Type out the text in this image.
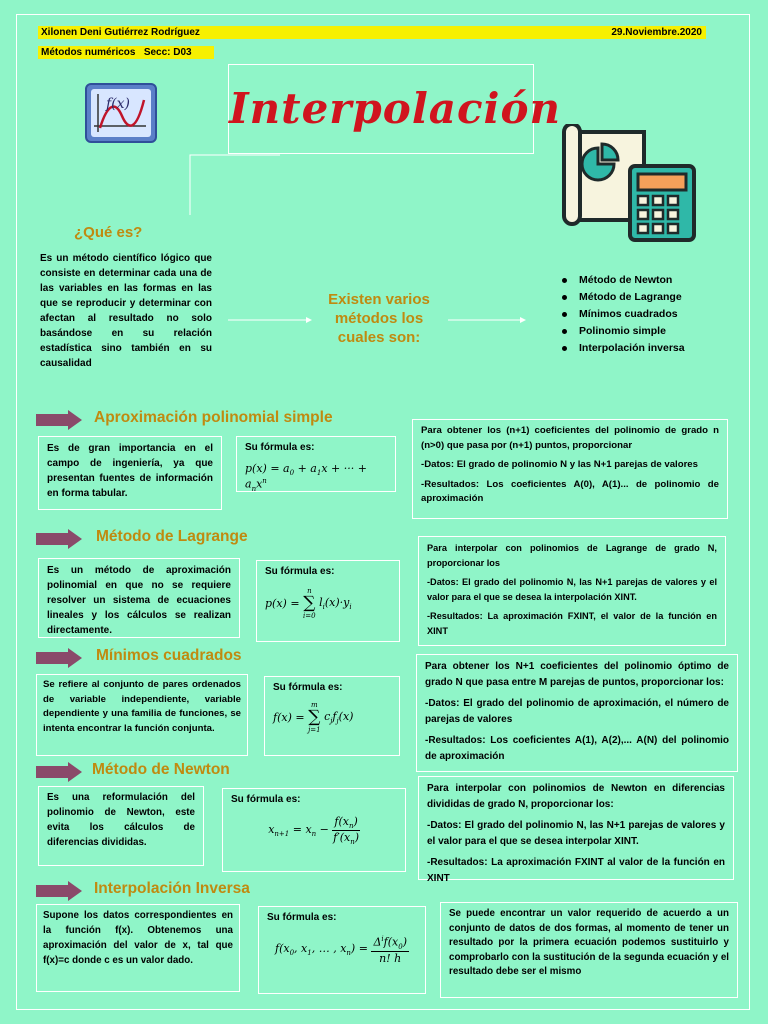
Xilonen Deni Gutiérrez Rodríguez	29.Noviembre.2020
Métodos numéricos Secc: D03
f(x) Interpolación
¿Qué es?
Es un método científico lógico que consiste en determinar cada una de las variables en las formas en las que se reproducir y determinar con afectan al resultado no solo basándose en su relación estadística sino también en su causalidad
Existen varios métodos los cuales son:
Método de Newton
Método de Lagrange
Mínimos cuadrados
Polinomio simple
Interpolación inversa
Aproximación polinomial simple
Es de gran importancia en el campo de ingeniería, ya que presentan fuentes de información en forma tabular.
Su fórmula es:
$p(x) = a_0 + a_1x$ + ··· + $a_nx^n$

Para obtener los (n+1) coeficientes del polinomio de grado n (n>0) que pasa por (n+1) puntos, proporcionar

-Datos: El grado de polinomio N y las N+1 parejas de valores

-Resultados: Los coeficientes A(0), A(1)... de polinomio de aproximación

Método de Lagrange
Es un método de aproximación polinomial en que no se requiere resolver un sistema de ecuaciones lineales y los cálculos se realizan directamente.
Su fórmula es:
p(x) =
n
∑
i=0
$l_i(x)\cdot y_i$

Para interpolar con polinomios de Lagrange de grado N, proporcionar los

-Datos: El grado del polinomio N, las N+1 parejas de valores y el valor para el que se desea la interpolación XINT.

-Resultados: La aproximación FXINT, el valor de la función en XINT

Mínimos cuadrados
Se refiere al conjunto de pares ordenados de variable independiente, variable dependiente y una familia de funciones, se intenta encontrar la función conjunta.
Su fórmula es:
f(x) =
m
∑
j=1
$c_jf_j(x)$

Para obtener los N+1 coeficientes del polinomio óptimo de grado N que pasa entre M parejas de puntos, proporcionar los:

-Datos: El grado del polinomio de aproximación, el número de parejas de valores

-Resultados: Los coeficientes A(1), A(2),... A(N) del polinomio de aproximación

Método de Newton
Es una reformulación del polinomio de Newton, este evita los cálculos de diferencias divididas.
Su fórmula es:
$x_{n+1} = x_n - \frac{f(x_n)}{f'(x_n)}$

Para interpolar con polinomios de Newton en diferencias divididas de grado N, proporcionar los:

-Datos: El grado del polinomio N, las N+1 parejas de valores y el valor para el que se desea interpolar XINT.

-Resultados: La aproximación FXINT al valor de la función en XINT

Interpolación Inversa
Supone los datos correspondientes en la función f(x). Obtenemos una aproximación del valor de x, tal que f(x)=c donde c es un valor dado.
Su fórmula es:
$f(x_0$, $x_1$, … , $x_n$) =
$\Delta^if(x_0)$
n! h

Se puede encontrar un valor requerido de acuerdo a un conjunto de datos de dos formas, al momento de tener un resultado por la primera ecuación podemos sustituirlo y comprobarlo con la sustitución de la segunda ecuación y el resultado debe ser el mismo
